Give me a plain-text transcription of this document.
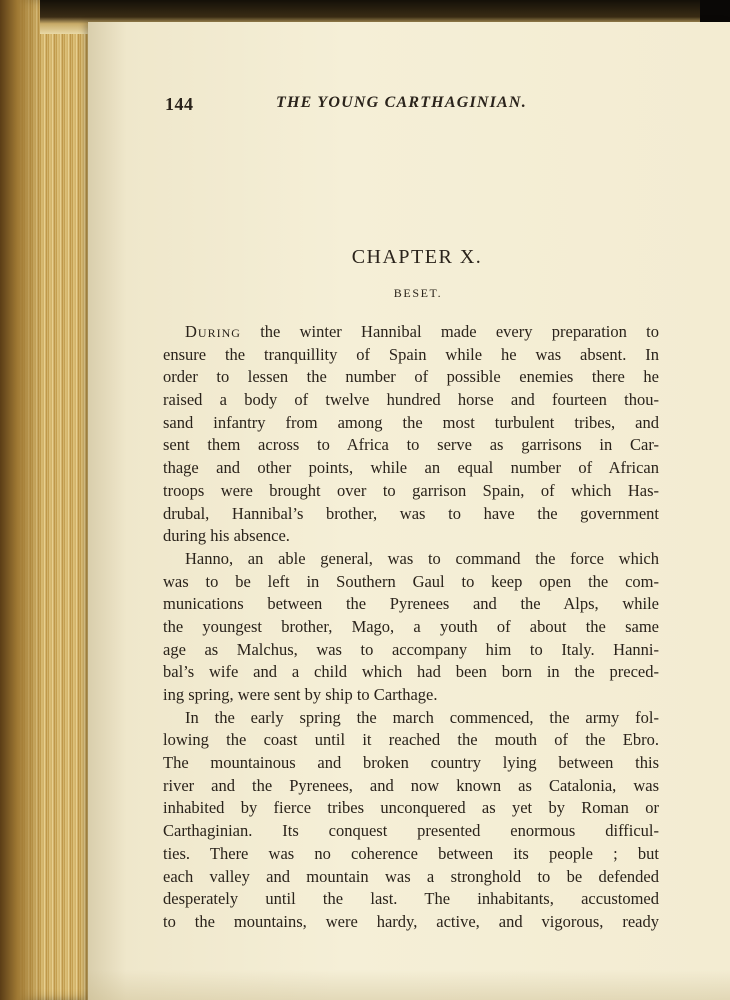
144	THE YOUNG CARTHAGINIAN.
CHAPTER X.
BESET.
During the winter Hannibal made every preparation to
ensure the tranquillity of Spain while he was absent. In
order to lessen the number of possible enemies there he
raised a body of twelve hundred horse and fourteen thou-
sand infantry from among the most turbulent tribes, and
sent them across to Africa to serve as garrisons in Car-
thage and other points, while an equal number of African
troops were brought over to garrison Spain, of which Has-
drubal, Hannibal’s brother, was to have the government
during his absence.
Hanno, an able general, was to command the force which
was to be left in Southern Gaul to keep open the com-
munications between the Pyrenees and the Alps, while
the youngest brother, Mago, a youth of about the same
age as Malchus, was to accompany him to Italy. Hanni-
bal’s wife and a child which had been born in the preced-
ing spring, were sent by ship to Carthage.
In the early spring the march commenced, the army fol-
lowing the coast until it reached the mouth of the Ebro.
The mountainous and broken country lying between this
river and the Pyrenees, and now known as Catalonia, was
inhabited by fierce tribes unconquered as yet by Roman or
Carthaginian. Its conquest presented enormous difficul-
ties. There was no coherence between its people ; but
each valley and mountain was a stronghold to be defended
desperately until the last. The inhabitants, accustomed
to the mountains, were hardy, active, and vigorous, ready
